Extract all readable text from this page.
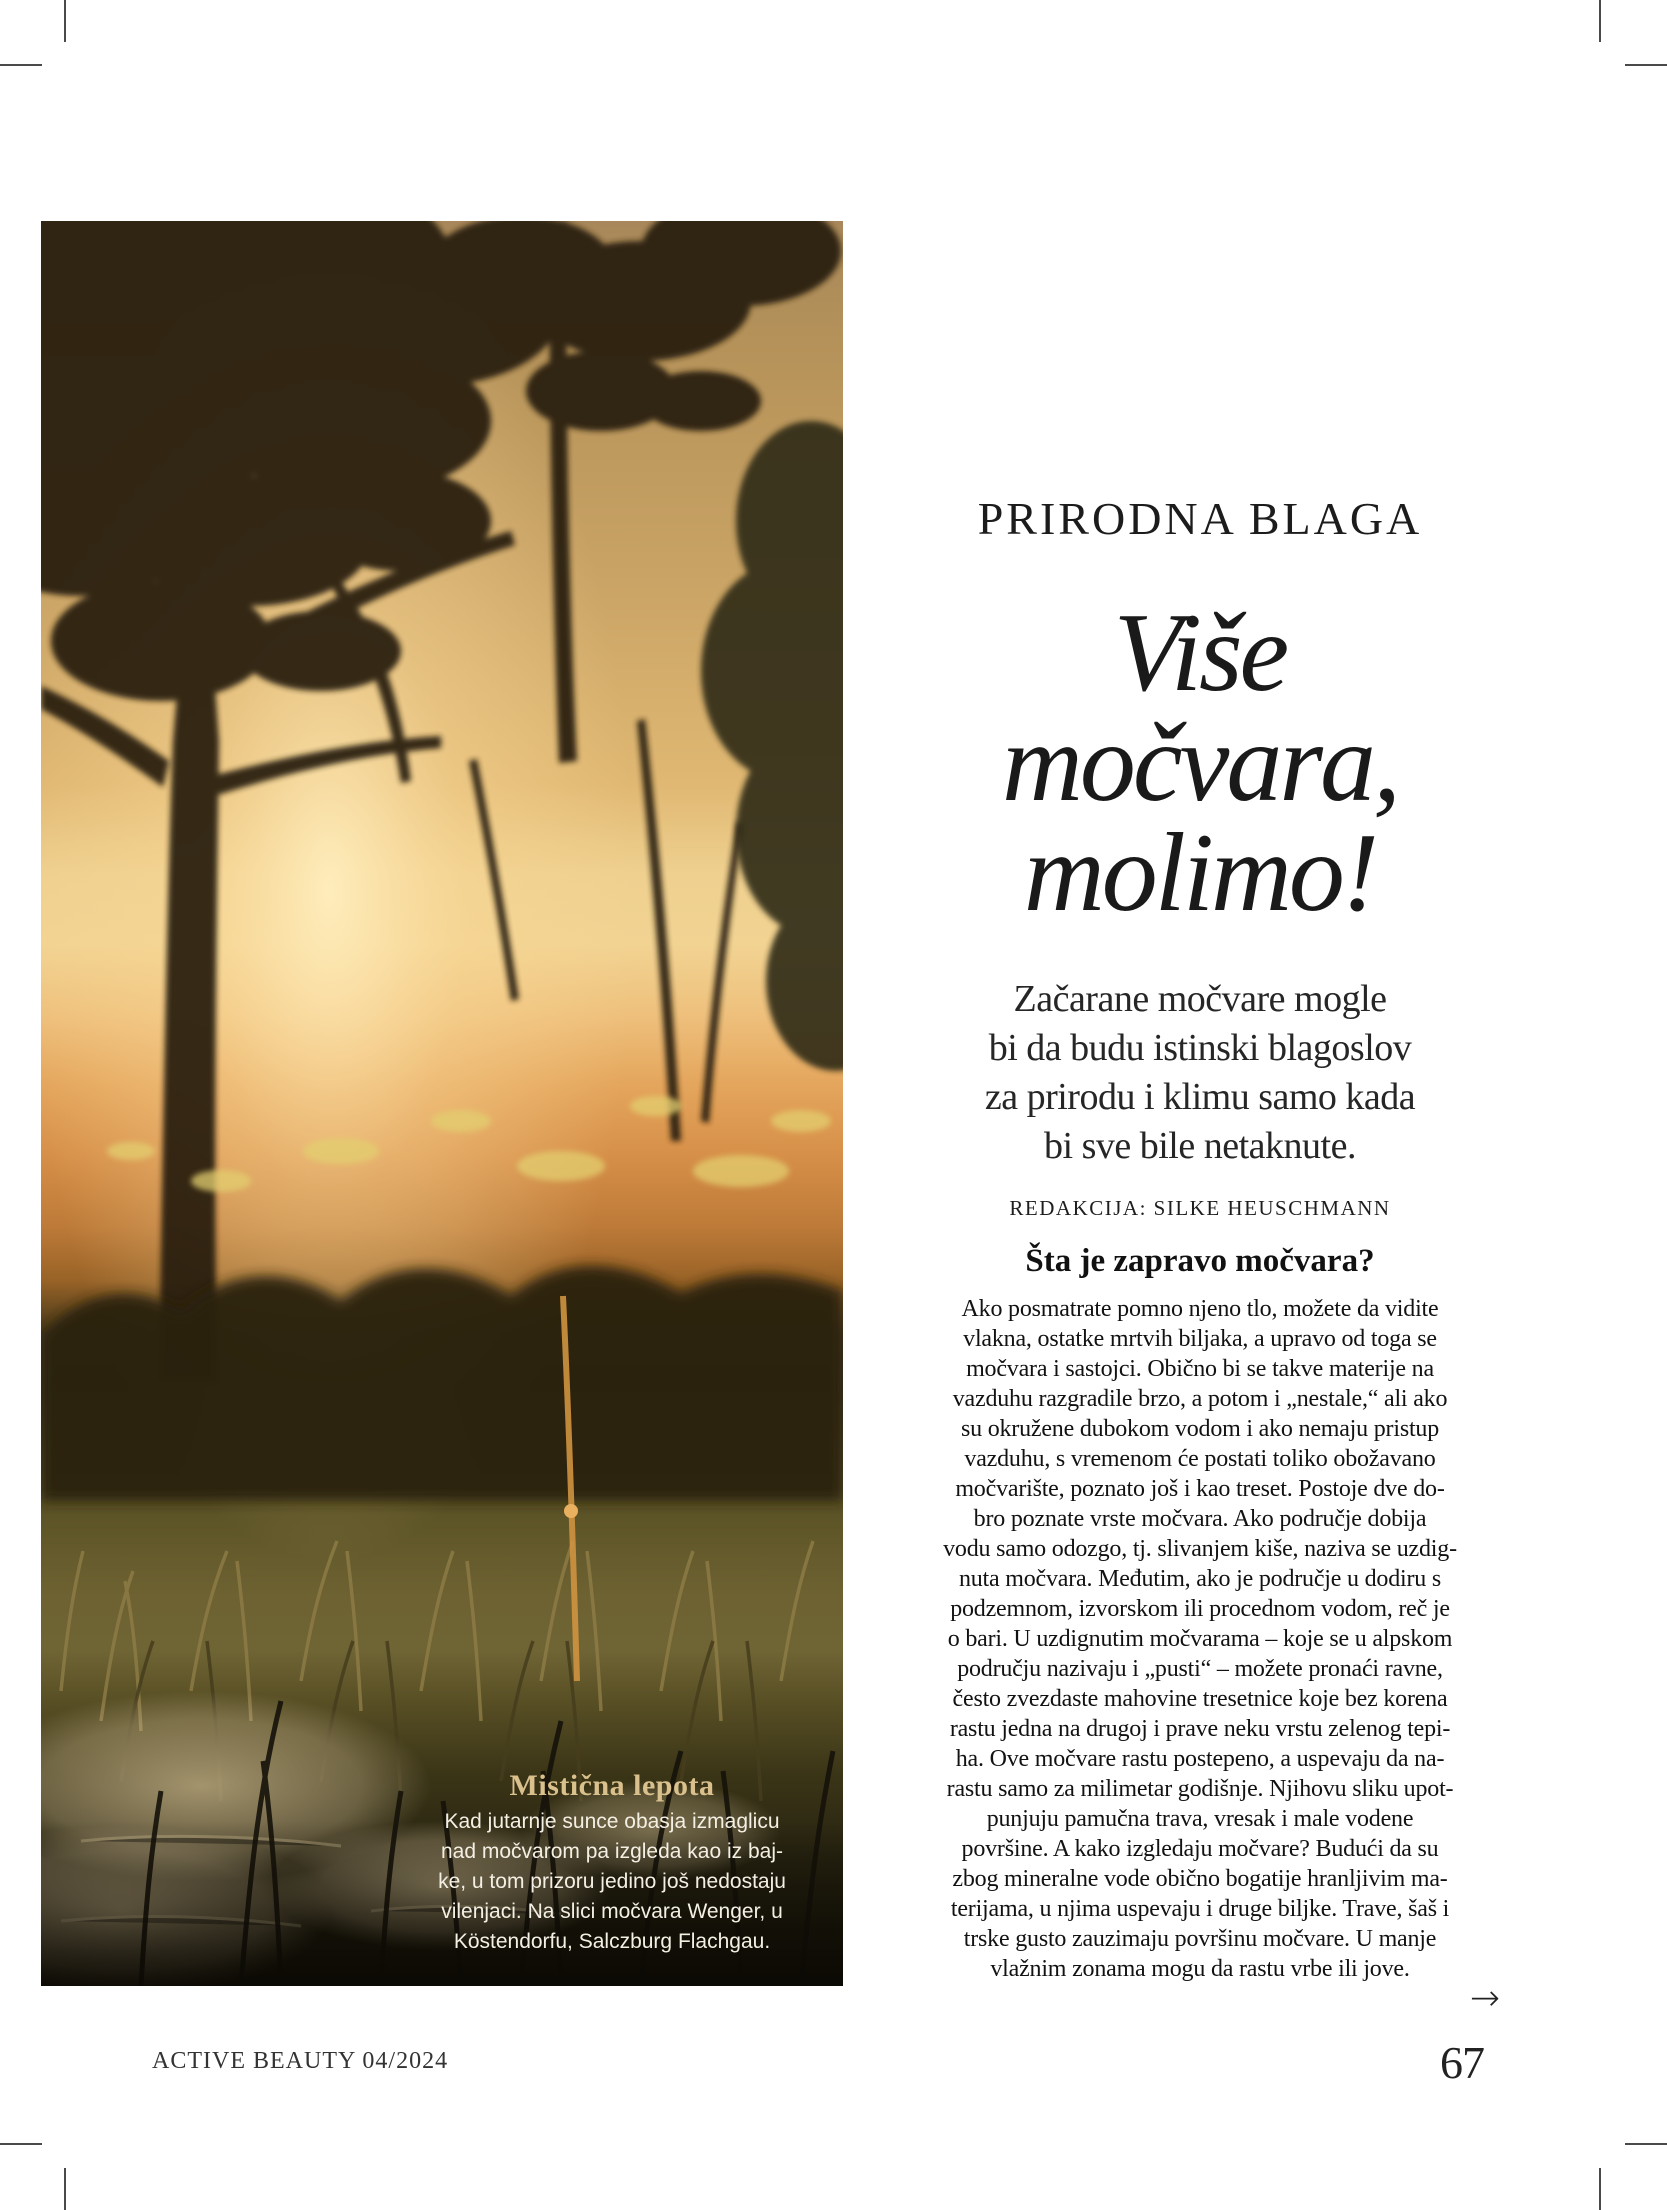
Mistična lepota
Kad jutarnje sunce obasja izmaglicu
nad močvarom pa izgleda kao iz baj-
ke, u tom prizoru jedino još nedostaju
vilenjaci. Na slici močvara Wenger, u
Köstendorfu, Salczburg Flachgau.
PRIRODNA BLAGA
Više
močvara,
molimo!
Začarane močvare mogle
bi da budu istinski blagoslov
za prirodu i klimu samo kada
bi sve bile netaknute.
REDAKCIJA: SILKE HEUSCHMANN
Šta je zapravo močvara?
Ako posmatrate pomno njeno tlo, možete da vidite
vlakna, ostatke mrtvih biljaka, a upravo od toga se
močvara i sastojci. Obično bi se takve materije na
vazduhu razgradile brzo, a potom i „nestale,“ ali ako
su okružene dubokom vodom i ako nemaju pristup
vazduhu, s vremenom će postati toliko obožavano
močvarište, poznato još i kao treset. Postoje dve do-
bro poznate vrste močvara. Ako područje dobija
vodu samo odozgo, tj. slivanjem kiše, naziva se uzdig-
nuta močvara. Međutim, ako je područje u dodiru s
podzemnom, izvorskom ili procednom vodom, reč je
o bari. U uzdignutim močvarama – koje se u alpskom
području nazivaju i „pusti“ – možete pronaći ravne,
često zvezdaste mahovine tresetnice koje bez korena
rastu jedna na drugoj i prave neku vrstu zelenog tepi-
ha. Ove močvare rastu postepeno, a uspevaju da na-
rastu samo za milimetar godišnje. Njihovu sliku upot-
punjuju pamučna trava, vresak i male vodene
površine. A kako izgledaju močvare? Budući da su
zbog mineralne vode obično bogatije hranljivim ma-
terijama, u njima uspevaju i druge biljke. Trave, šaš i
trske gusto zauzimaju površinu močvare. U manje
vlažnim zonama mogu da rastu vrbe ili jove.
→
ACTIVE BEAUTY 04/2024	67
